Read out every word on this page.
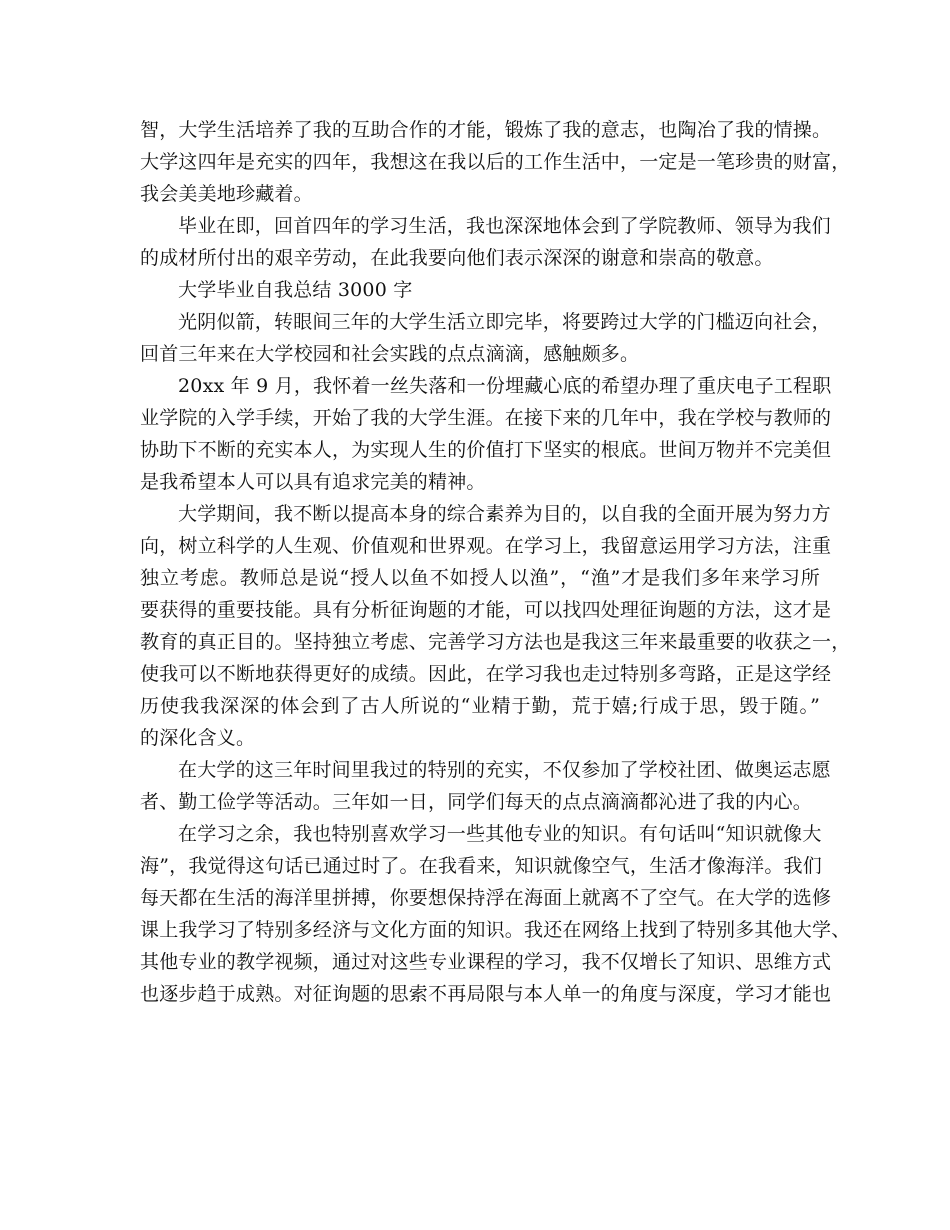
智，大学生活培养了我的互助合作的才能，锻炼了我的意志，也陶冶了我的情操。
大学这四年是充实的四年，我想这在我以后的工作生活中，一定是一笔珍贵的财富，
我会美美地珍藏着。
毕业在即，回首四年的学习生活，我也深深地体会到了学院教师、领导为我们
的成材所付出的艰辛劳动，在此我要向他们表示深深的谢意和崇高的敬意。
大学毕业自我总结 3000 字
光阴似箭，转眼间三年的大学生活立即完毕，将要跨过大学的门槛迈向社会，
回首三年来在大学校园和社会实践的点点滴滴，感触颇多。
20xx 年 9 月，我怀着一丝失落和一份埋藏心底的希望办理了重庆电子工程职
业学院的入学手续，开始了我的大学生涯。在接下来的几年中，我在学校与教师的
协助下不断的充实本人，为实现人生的价值打下坚实的根底。世间万物并不完美但
是我希望本人可以具有追求完美的精神。
大学期间，我不断以提高本身的综合素养为目的，以自我的全面开展为努力方
向，树立科学的人生观、价值观和世界观。在学习上，我留意运用学习方法，注重
独立考虑。教师总是说“授人以鱼不如授人以渔”，“渔”才是我们多年来学习所
要获得的重要技能。具有分析征询题的才能，可以找四处理征询题的方法，这才是
教育的真正目的。坚持独立考虑、完善学习方法也是我这三年来最重要的收获之一，
使我可以不断地获得更好的成绩。因此，在学习我也走过特别多弯路，正是这学经
历使我我深深的体会到了古人所说的“业精于勤，荒于嬉;行成于思，毁于随。”
的深化含义。
在大学的这三年时间里我过的特别的充实，不仅参加了学校社团、做奥运志愿
者、勤工俭学等活动。三年如一日，同学们每天的点点滴滴都沁进了我的内心。
在学习之余，我也特别喜欢学习一些其他专业的知识。有句话叫“知识就像大
海”，我觉得这句话已通过时了。在我看来，知识就像空气，生活才像海洋。我们
每天都在生活的海洋里拼搏，你要想保持浮在海面上就离不了空气。在大学的选修
课上我学习了特别多经济与文化方面的知识。我还在网络上找到了特别多其他大学、
其他专业的教学视频，通过对这些专业课程的学习，我不仅增长了知识、思维方式
也逐步趋于成熟。对征询题的思索不再局限与本人单一的角度与深度，学习才能也
